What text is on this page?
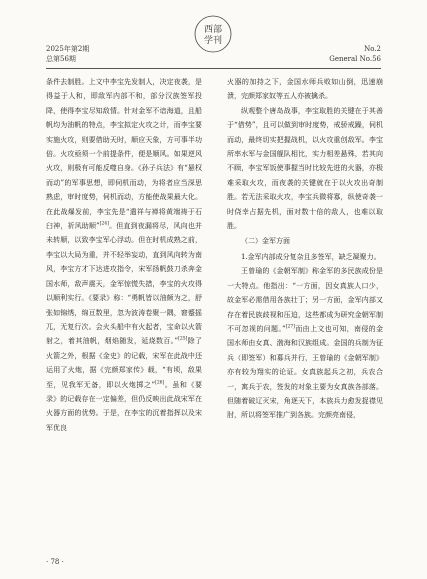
2025年第2期
总第56期
西部
学刊
No.2
General No.56

条件去制胜。上文中李宝先发制人，决定夜袭，是得益于人和，即敌军内部不和，部分汉族签军投降，使得李宝尽知敌情。针对金军不谙海道，且船帆均为油帆的特点，李宝拟定火攻之计，而李宝要实施火攻，则要借助天时，顺应天象，方可事半功倍。火攻亟须一个前提条件，便是顺风。如果逆风火攻，则极有可能反噬自身。《孙子兵法》有“悬权而动”的军事思想，即伺机而动，为将者应当深思熟虑，审时度势，伺机而动，方能使战果最大化。在此战爆发前，李宝先是“遣祥与禅将黄端祷于石臼神，祈风助顺”[24]。但直到夜漏将尽，风向也并未转顺，以致李宝军心浮动。但在时机成熟之前，李宝以大局为重，并不轻举妄动，直到风向转为南风，李宝方才下达进攻指令，宋军扬帆鼓刀杀奔金国水师，敌声震天，金军惊慌失措，李宝的火攻得以顺利实行。《要录》称：“勇帆皆以油颇为之，舒张如锦绣，绵亘数里，忽为波涛卷聚一隅，窘蹙摇兀，无复行次。会火头船中有火起者，宝命以火箭射之，着其油帆，烟焰随发，延烧数百。”[25]除了火箭之外，根据《金史》的记载，宋军在此战中还运用了火炮，据《完颜郑家传》载，“有顷，敌果至，见我军无备，即以火炮掷之”[26]。虽和《要录》的记载存在一定偏差，但仍反映出此战宋军在火器方面的优势。于是，在李宝的沉着指挥以及宋军优良

火器的加持之下，金国水师兵败如山倒，迅速崩溃，完颜郑家奴等五人亦被擒杀。

纵观整个唐岛战事，李宝取胜的关键在于其善于“借势”，且可以做到审时度势，戒骄戒躁，伺机而动，最终切实把握战机，以火攻重创敌军。李宝所率水军与金国舰队相比，实力相差悬殊，若其向不顾，李宝军饭使事握当时比较先进的火器，亦极难采取火攻，而夜袭的关键就在于以火攻出奇制胜。若无法采取火攻，李宝兵微将寡，纵使奇袭一时侥幸占据先机，面对数十倍的敌人，也难以取胜。

（二）金军方面

1.金军内部成分复杂且多签军，缺乏凝聚力。

王曾瑜的《金朝军制》称金军的多民族成份是一大特点。他指出：“一方面，因女真族人口少，故金军必需借用各族壮丁；另一方面，金军内部又存在着民族歧视和压迫，这些都成为研究金朝军制不可忽视的问题。”[27]而由上文也可知，南侵的金国水师由女真、渤海和汉族组成。金国的兵制为征兵（即签军）和募兵并行，王曾瑜的《金朝军制》亦有较为翔实的论证。女真族起兵之初，兵农合一，寓兵于农，签发的对象主要为女真族各部落。但随着破辽灭宋，角逐天下，本族兵力愈发捉襟见肘，所以将签军推广到各族。完颜亮南侵，

· 78 ·
